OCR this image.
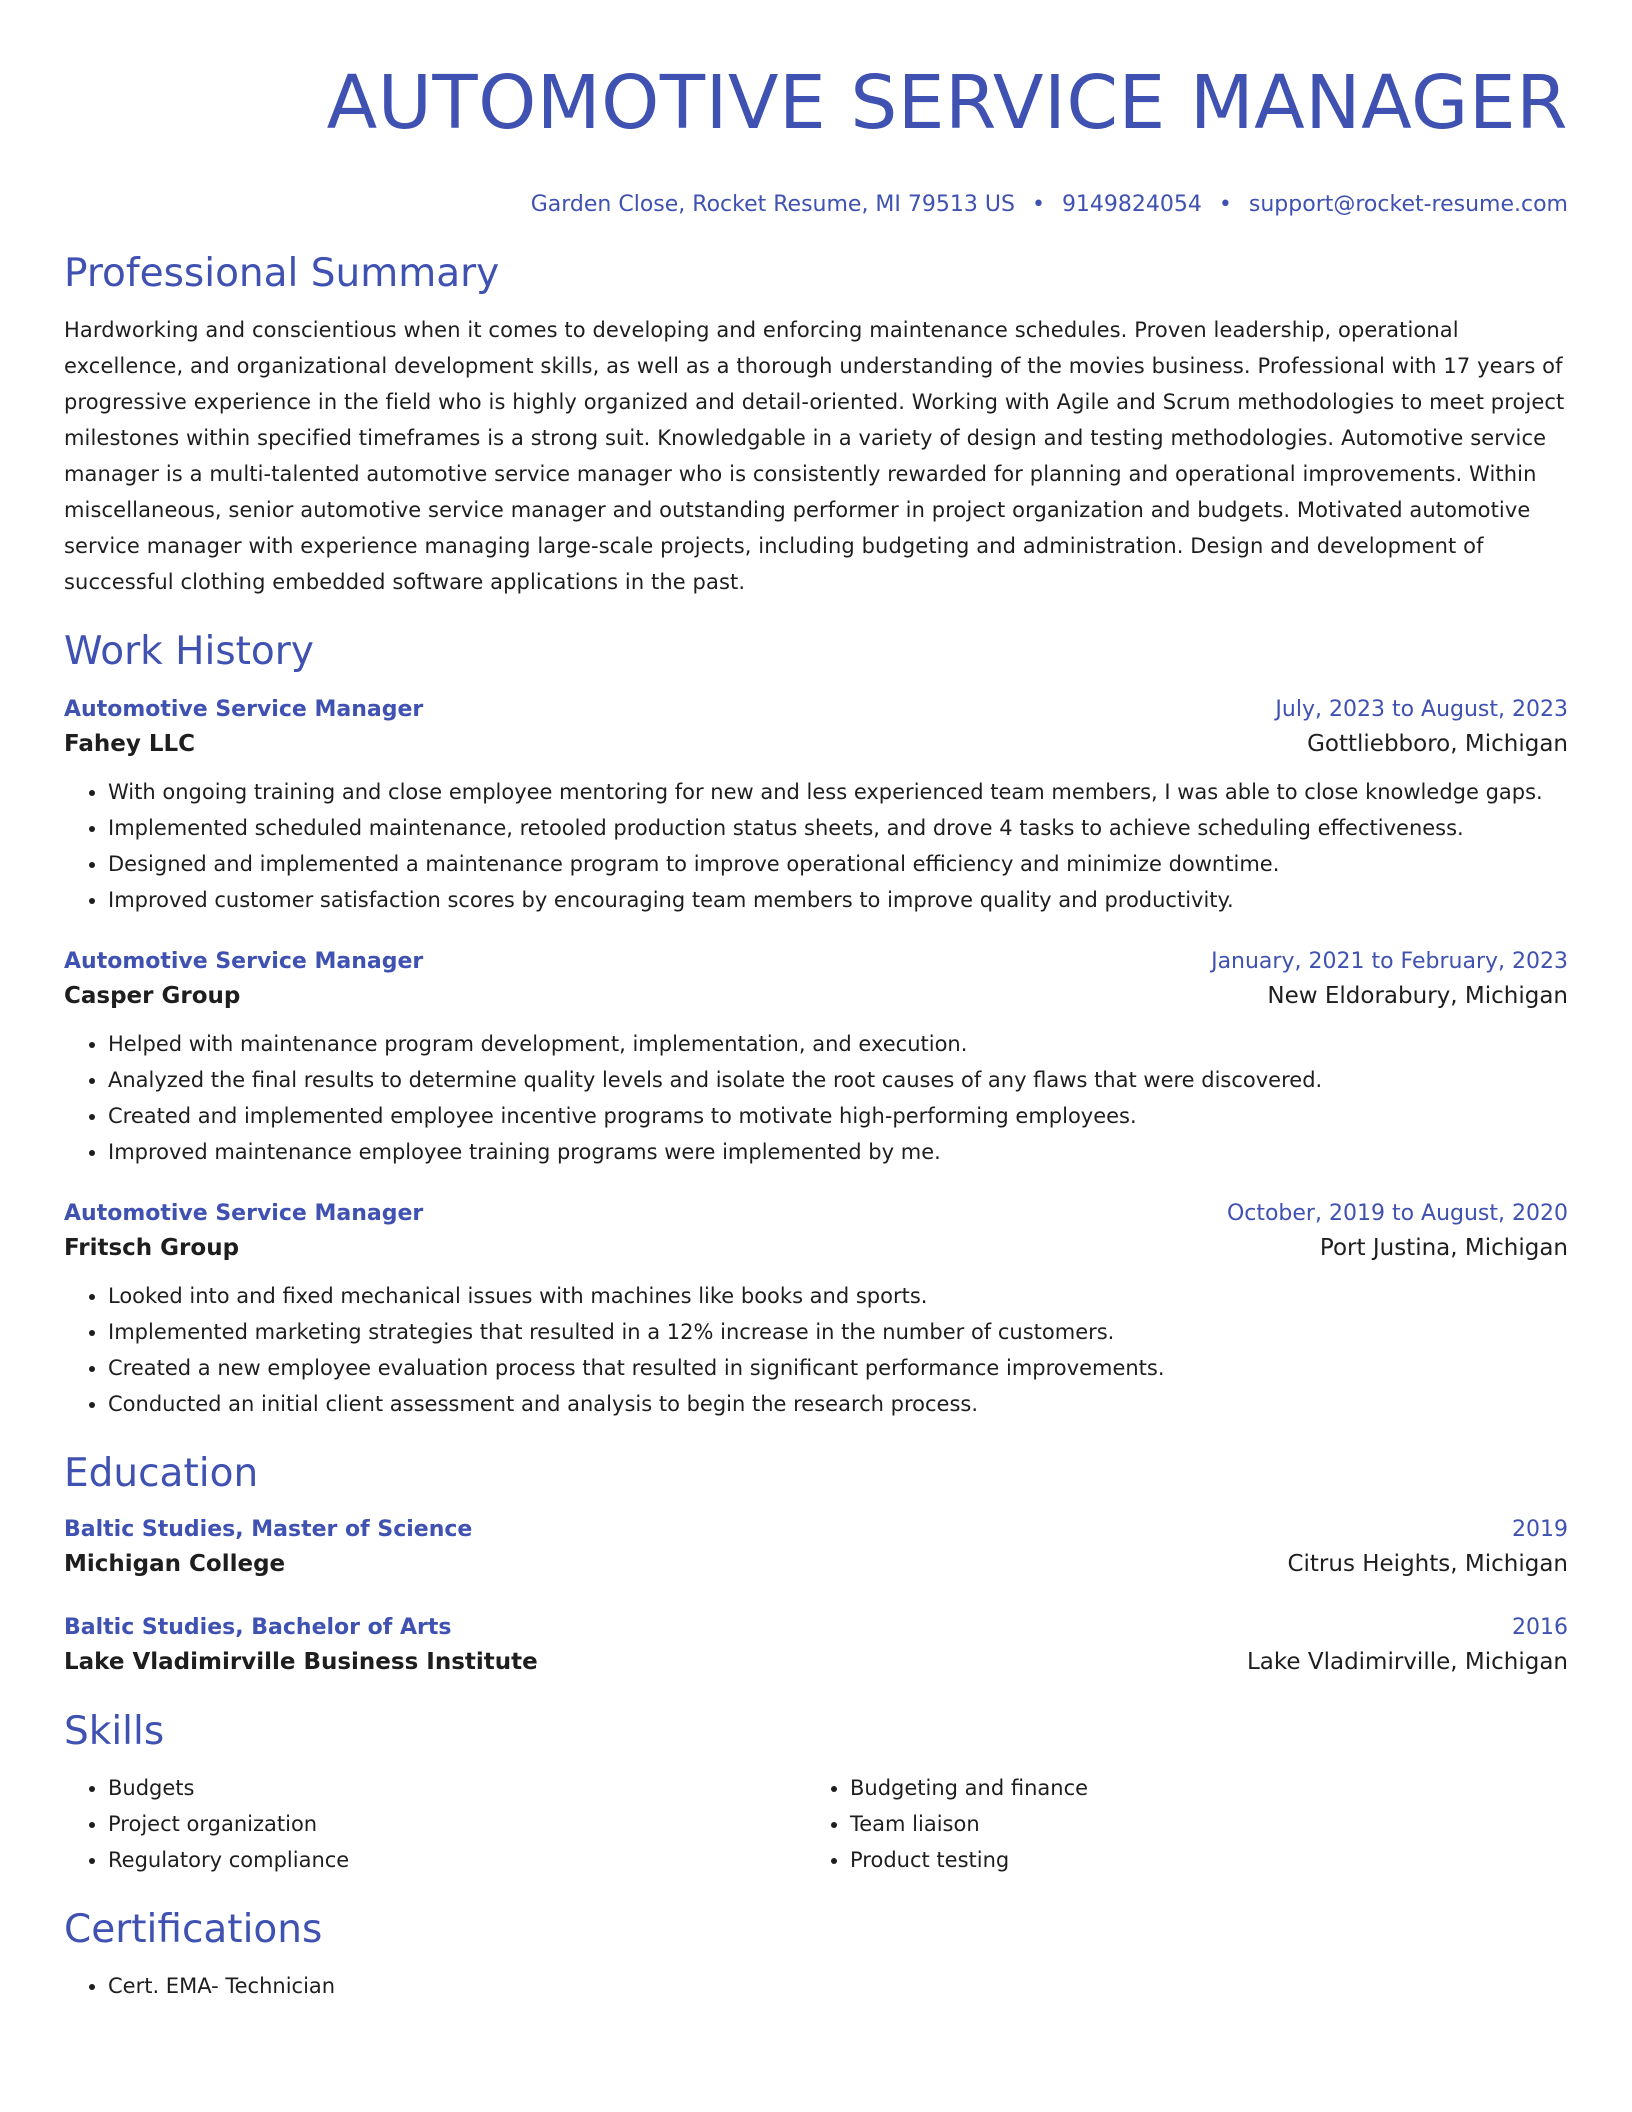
AUTOMOTIVE SERVICE MANAGER
Garden Close, Rocket Resume, MI 79513 US • 9149824054 • support@rocket-resume.com
Professional Summary
Hardworking and conscientious when it comes to developing and enforcing maintenance schedules. Proven leadership, operational excellence, and organizational development skills, as well as a thorough understanding of the movies business. Professional with 17 years of progressive experience in the field who is highly organized and detail-oriented. Working with Agile and Scrum methodologies to meet project milestones within specified timeframes is a strong suit. Knowledgable in a variety of design and testing methodologies. Automotive service manager is a multi-talented automotive service manager who is consistently rewarded for planning and operational improvements. Within miscellaneous, senior automotive service manager and outstanding performer in project organization and budgets. Motivated automotive service manager with experience managing large-scale projects, including budgeting and administration. Design and development of successful clothing embedded software applications in the past.
Work History
Automotive Service Manager	July, 2023 to August, 2023
Fahey LLC	Gottliebboro, Michigan
• With ongoing training and close employee mentoring for new and less experienced team members, I was able to close knowledge gaps.
• Implemented scheduled maintenance, retooled production status sheets, and drove 4 tasks to achieve scheduling effectiveness.
• Designed and implemented a maintenance program to improve operational efficiency and minimize downtime.
• Improved customer satisfaction scores by encouraging team members to improve quality and productivity.
Automotive Service Manager	January, 2021 to February, 2023
Casper Group	New Eldorabury, Michigan
• Helped with maintenance program development, implementation, and execution.
• Analyzed the final results to determine quality levels and isolate the root causes of any flaws that were discovered.
• Created and implemented employee incentive programs to motivate high-performing employees.
• Improved maintenance employee training programs were implemented by me.
Automotive Service Manager	October, 2019 to August, 2020
Fritsch Group	Port Justina, Michigan
• Looked into and fixed mechanical issues with machines like books and sports.
• Implemented marketing strategies that resulted in a 12% increase in the number of customers.
• Created a new employee evaluation process that resulted in significant performance improvements.
• Conducted an initial client assessment and analysis to begin the research process.
Education
Baltic Studies, Master of Science	2019
Michigan College	Citrus Heights, Michigan
Baltic Studies, Bachelor of Arts	2016
Lake Vladimirville Business Institute	Lake Vladimirville, Michigan
Skills
• Budgets
• Project organization
• Regulatory compliance
• Budgeting and finance
• Team liaison
• Product testing
Certifications
• Cert. EMA- Technician
